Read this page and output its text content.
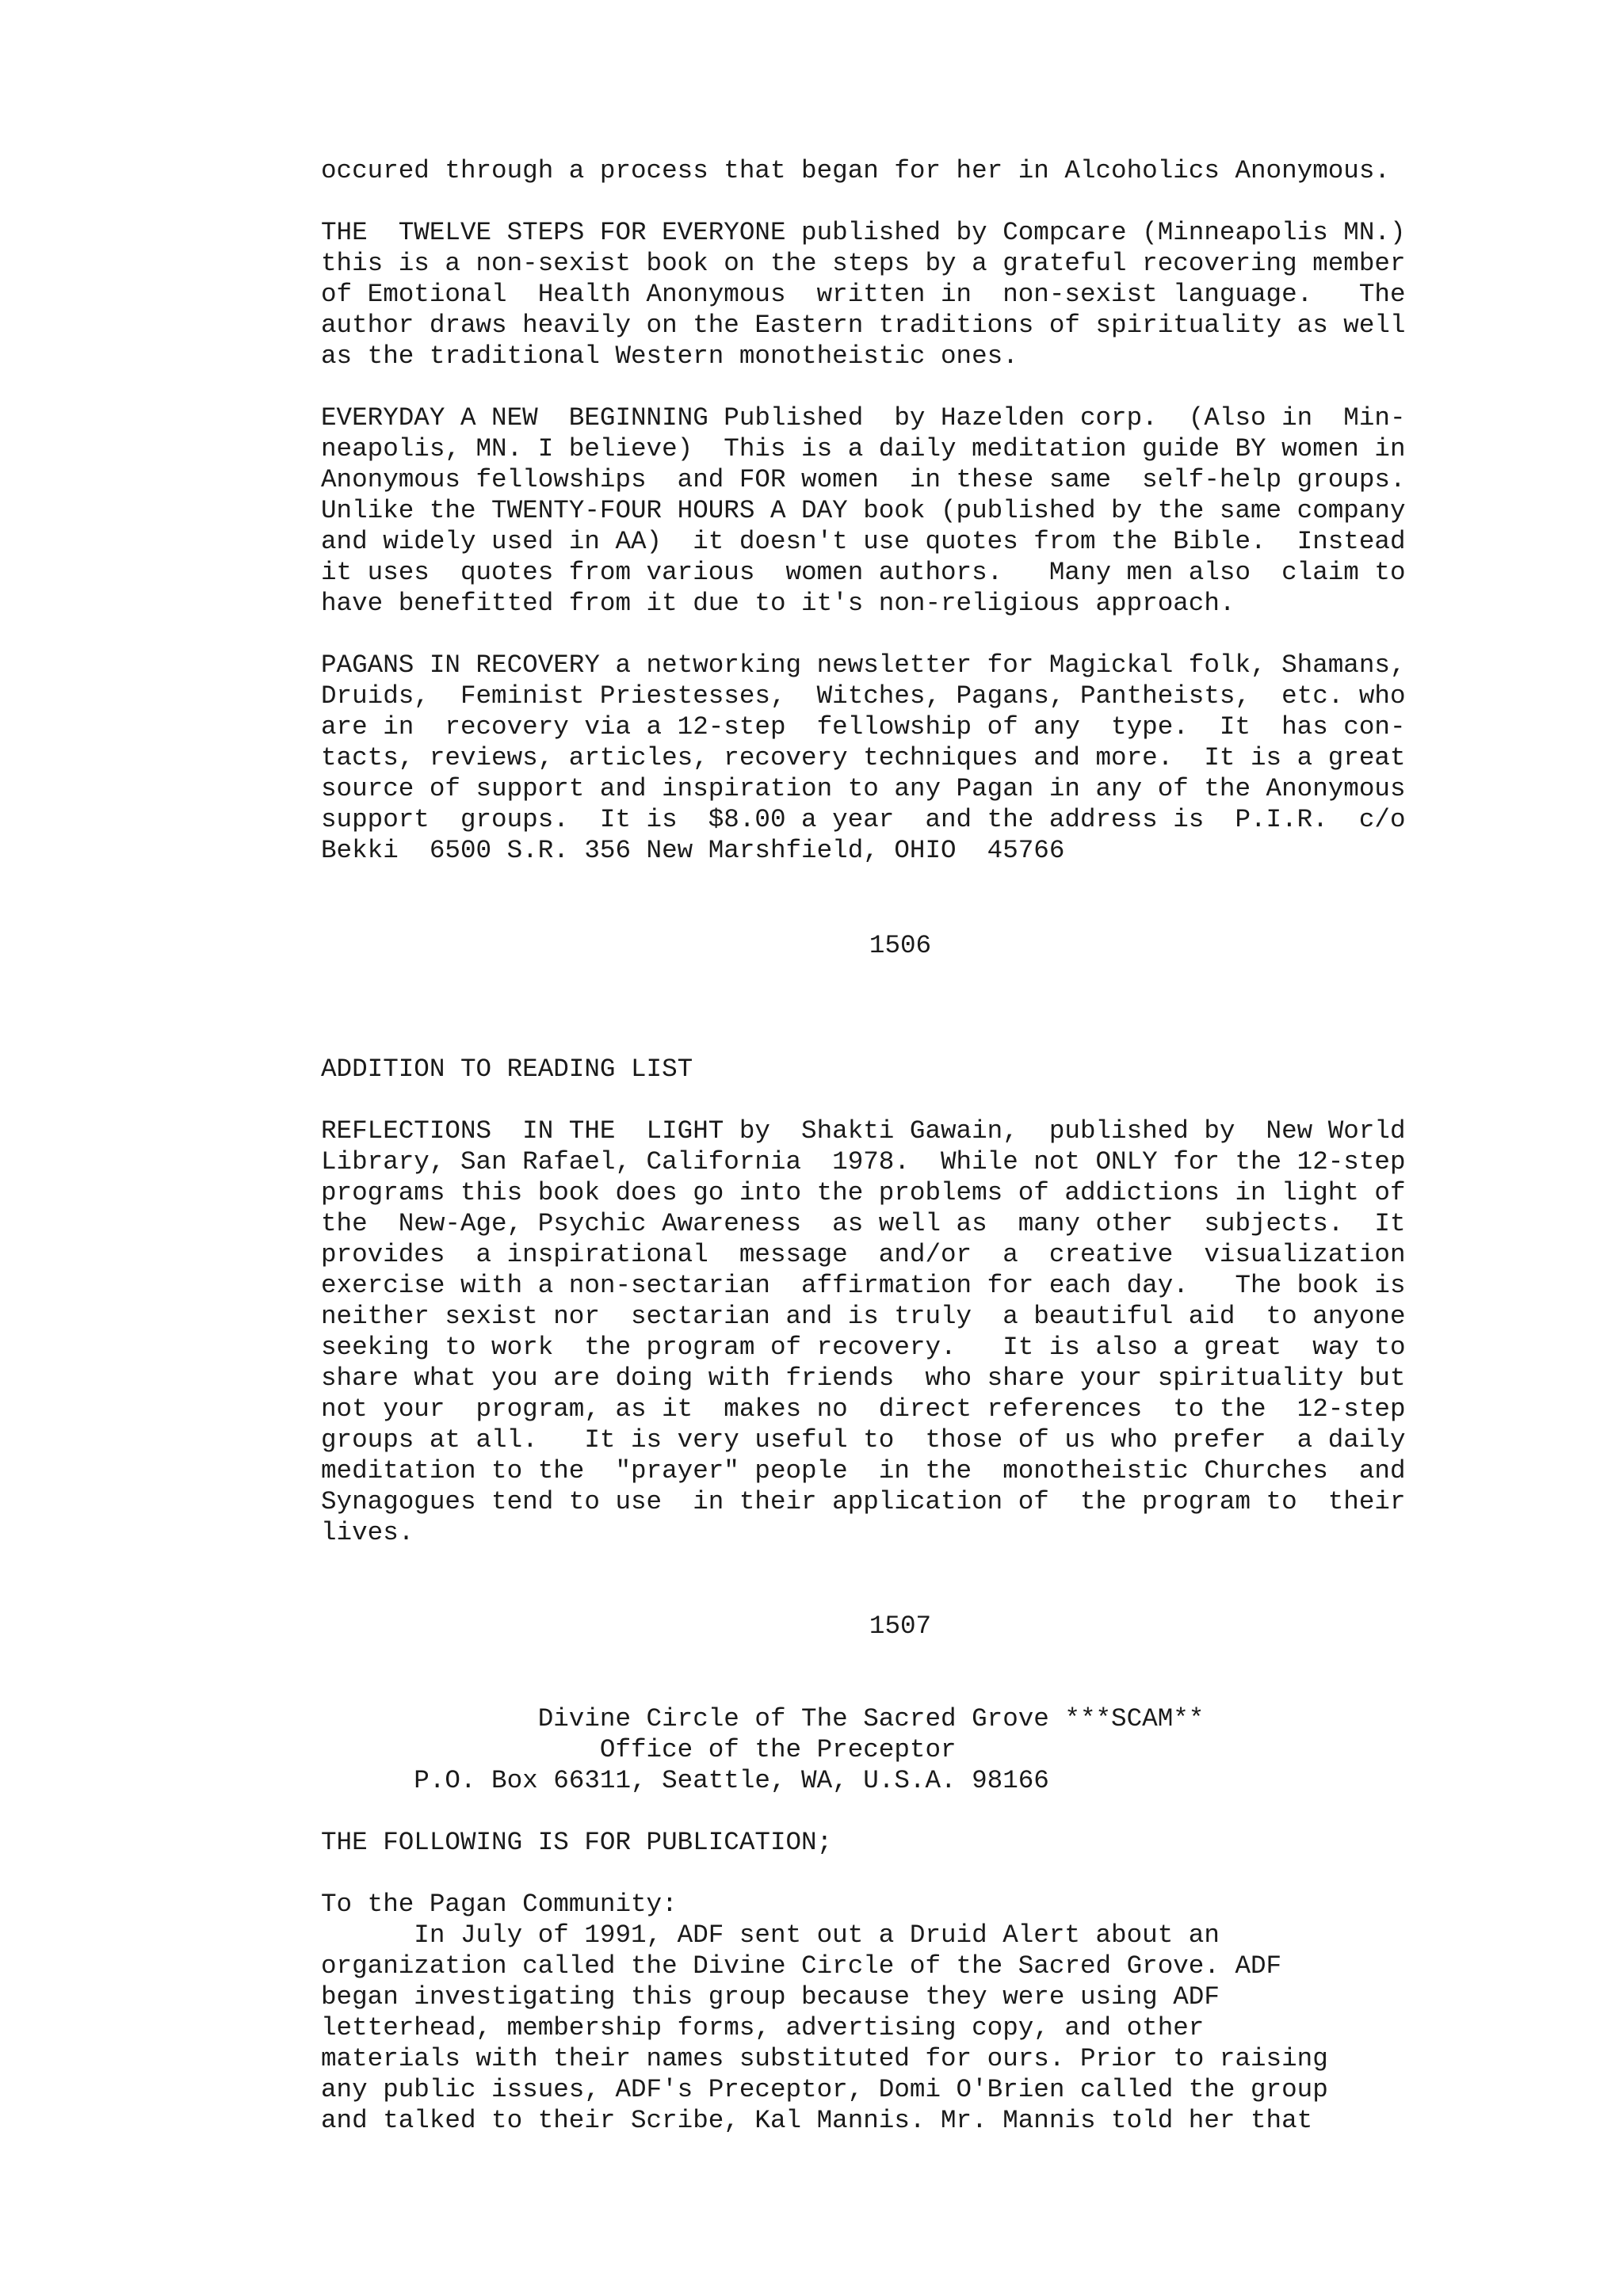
occured through a process that began for her in Alcoholics Anonymous.
THE  TWELVE STEPS FOR EVERYONE published by Compcare (Minneapolis MN.)
this is a non-sexist book on the steps by a grateful recovering member
of Emotional  Health Anonymous  written in  non-sexist language.   The
author draws heavily on the Eastern traditions of spirituality as well
as the traditional Western monotheistic ones.
EVERYDAY A NEW  BEGINNING Published  by Hazelden corp.  (Also in  Min-
neapolis, MN. I believe)  This is a daily meditation guide BY women in
Anonymous fellowships  and FOR women  in these same  self-help groups.
Unlike the TWENTY-FOUR HOURS A DAY book (published by the same company
and widely used in AA)  it doesn't use quotes from the Bible.  Instead
it uses  quotes from various  women authors.   Many men also  claim to
have benefitted from it due to it's non-religious approach.
PAGANS IN RECOVERY a networking newsletter for Magickal folk, Shamans,
Druids,  Feminist Priestesses,  Witches, Pagans, Pantheists,  etc. who
are in  recovery via a 12-step  fellowship of any  type.  It  has con-
tacts, reviews, articles, recovery techniques and more.  It is a great
source of support and inspiration to any Pagan in any of the Anonymous
support  groups.  It is  $8.00 a year  and the address is  P.I.R.  c/o
Bekki  6500 S.R. 356 New Marshfield, OHIO  45766
1506
ADDITION TO READING LIST
REFLECTIONS  IN THE  LIGHT by  Shakti Gawain,  published by  New World
Library, San Rafael, California  1978.  While not ONLY for the 12-step
programs this book does go into the problems of addictions in light of
the  New-Age, Psychic Awareness  as well as  many other  subjects.  It
provides  a inspirational  message  and/or  a  creative  visualization
exercise with a non-sectarian  affirmation for each day.   The book is
neither sexist nor  sectarian and is truly  a beautiful aid  to anyone
seeking to work  the program of recovery.   It is also a great  way to
share what you are doing with friends  who share your spirituality but
not your  program, as it  makes no  direct references  to the  12-step
groups at all.   It is very useful to  those of us who prefer  a daily
meditation to the  "prayer" people  in the  monotheistic Churches  and
Synagogues tend to use  in their application of  the program to  their
lives.
1507
Divine Circle of The Sacred Grove ***SCAM**
Office of the Preceptor
P.O. Box 66311, Seattle, WA, U.S.A. 98166
THE FOLLOWING IS FOR PUBLICATION;
To the Pagan Community:
In July of 1991, ADF sent out a Druid Alert about an
organization called the Divine Circle of the Sacred Grove. ADF
began investigating this group because they were using ADF
letterhead, membership forms, advertising copy, and other
materials with their names substituted for ours. Prior to raising
any public issues, ADF's Preceptor, Domi O'Brien called the group
and talked to their Scribe, Kal Mannis. Mr. Mannis told her that
